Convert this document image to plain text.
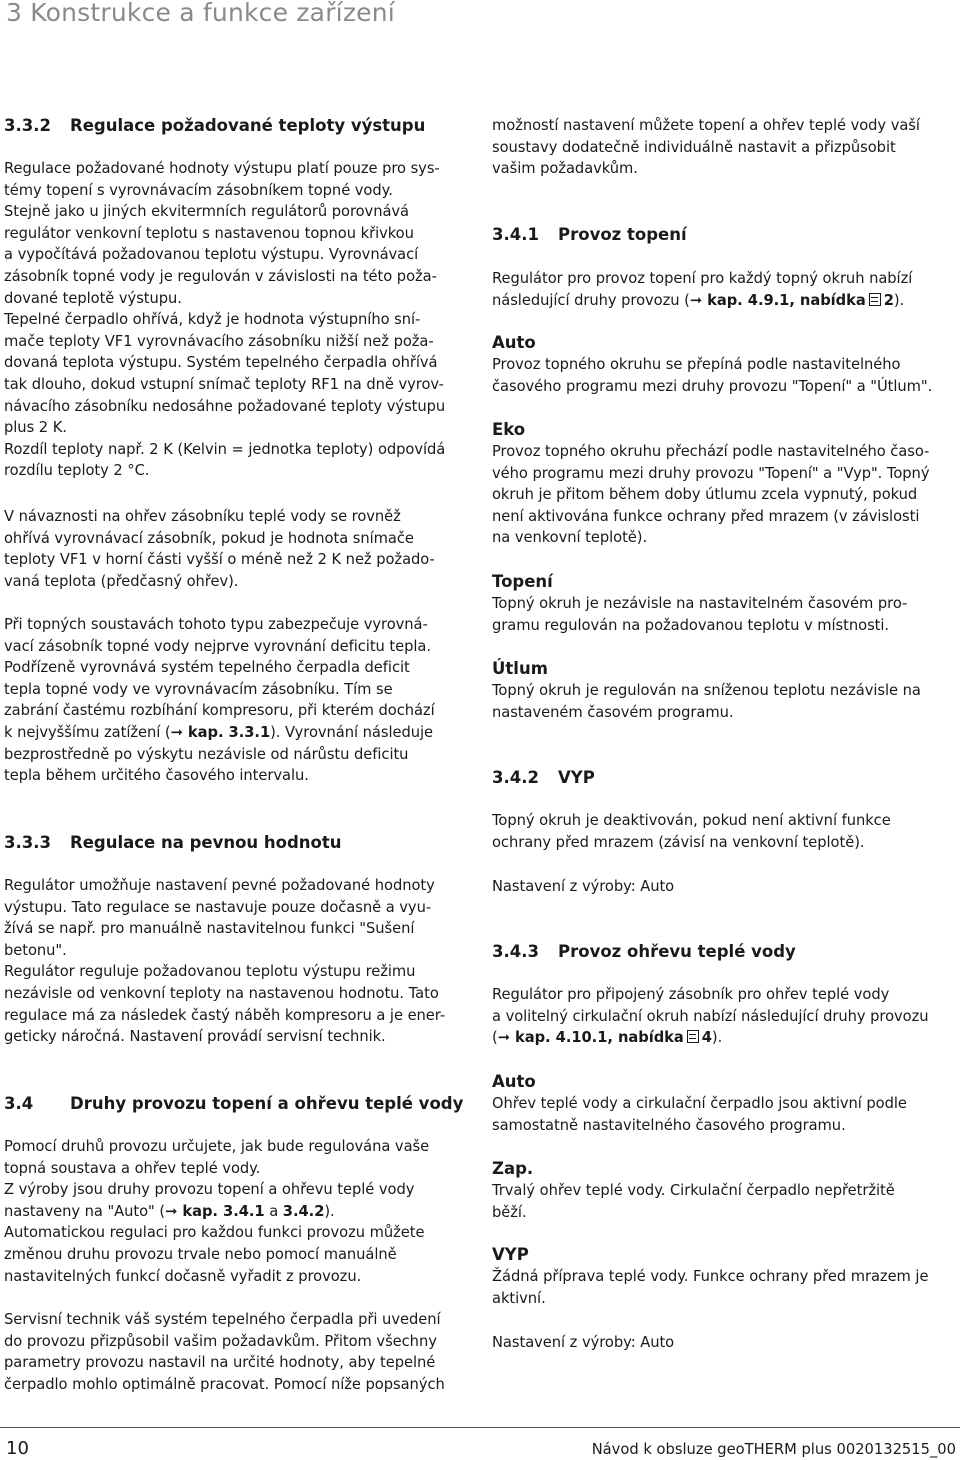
3 Konstrukce a funkce zařízení

3.3.2 Regulace požadované teploty výstupu

Regulace požadované hodnoty výstupu platí pouze pro sys-
témy topení s vyrovnávacím zásobníkem topné vody.
Stejně jako u jiných ekvitermních regulátorů porovnává
regulátor venkovní teplotu s nastavenou topnou křivkou
a vypočítává požadovanou teplotu výstupu. Vyrovnávací
zásobník topné vody je regulován v závislosti na této poža-
dované teplotě výstupu.
Tepelné čerpadlo ohřívá, když je hodnota výstupního sní-
mače teploty VF1 vyrovnávacího zásobníku nižší než poža-
dovaná teplota výstupu. Systém tepelného čerpadla ohřívá
tak dlouho, dokud vstupní snímač teploty RF1 na dně vyrov-
návacího zásobníku nedosáhne požadované teploty výstupu
plus 2 K.
Rozdíl teploty např. 2 K (Kelvin = jednotka teploty) odpovídá
rozdílu teploty 2 °C.

V návaznosti na ohřev zásobníku teplé vody se rovněž
ohřívá vyrovnávací zásobník, pokud je hodnota snímače
teploty VF1 v horní části vyšší o méně než 2 K než požado-
vaná teplota (předčasný ohřev).

Při topných soustavách tohoto typu zabezpečuje vyrovná-
vací zásobník topné vody nejprve vyrovnání deficitu tepla.
Podřízeně vyrovnává systém tepelného čerpadla deficit
tepla topné vody ve vyrovnávacím zásobníku. Tím se
zabrání častému rozbíhání kompresoru, při kterém dochází
k nejvyššímu zatížení (➞ kap. 3.3.1). Vyrovnání následuje
bezprostředně po výskytu nezávisle od nárůstu deficitu
tepla během určitého časového intervalu.

3.3.3 Regulace na pevnou hodnotu

Regulátor umožňuje nastavení pevné požadované hodnoty
výstupu. Tato regulace se nastavuje pouze dočasně a vyu-
žívá se např. pro manuálně nastavitelnou funkci "Sušení
betonu".
Regulátor reguluje požadovanou teplotu výstupu režimu
nezávisle od venkovní teploty na nastavenou hodnotu. Tato
regulace má za následek častý náběh kompresoru a je ener-
geticky náročná. Nastavení provádí servisní technik.

3.4 Druhy provozu topení a ohřevu teplé vody

Pomocí druhů provozu určujete, jak bude regulována vaše
topná soustava a ohřev teplé vody.
Z výroby jsou druhy provozu topení a ohřevu teplé vody
nastaveny na "Auto" (➞ kap. 3.4.1 a 3.4.2).
Automatickou regulaci pro každou funkci provozu můžete
změnou druhu provozu trvale nebo pomocí manuálně
nastavitelných funkcí dočasně vyřadit z provozu.

Servisní technik váš systém tepelného čerpadla při uvedení
do provozu přizpůsobil vašim požadavkům. Přitom všechny
parametry provozu nastavil na určité hodnoty, aby tepelné
čerpadlo mohlo optimálně pracovat. Pomocí níže popsaných

možností nastavení můžete topení a ohřev teplé vody vaší
soustavy dodatečně individuálně nastavit a přizpůsobit
vašim požadavkům.

3.4.1 Provoz topení

Regulátor pro provoz topení pro každý topný okruh nabízí
následující druhy provozu (➞ kap. 4.9.1, nabídka 2).

Auto

Provoz topného okruhu se přepíná podle nastavitelného
časového programu mezi druhy provozu "Topení" a "Útlum".

Eko

Provoz topného okruhu přechází podle nastavitelného časo-
vého programu mezi druhy provozu "Topení" a "Vyp". Topný
okruh je přitom během doby útlumu zcela vypnutý, pokud
není aktivována funkce ochrany před mrazem (v závislosti
na venkovní teplotě).

Topení

Topný okruh je nezávisle na nastavitelném časovém pro-
gramu regulován na požadovanou teplotu v místnosti.

Útlum

Topný okruh je regulován na sníženou teplotu nezávisle na
nastaveném časovém programu.

3.4.2 VYP

Topný okruh je deaktivován, pokud není aktivní funkce
ochrany před mrazem (závisí na venkovní teplotě).

Nastavení z výroby: Auto

3.4.3 Provoz ohřevu teplé vody

Regulátor pro připojený zásobník pro ohřev teplé vody
a volitelný cirkulační okruh nabízí následující druhy provozu
(➞ kap. 4.10.1, nabídka 4).

Auto

Ohřev teplé vody a cirkulační čerpadlo jsou aktivní podle
samostatně nastavitelného časového programu.

Zap.

Trvalý ohřev teplé vody. Cirkulační čerpadlo nepřetržitě
běží.

VYP

Žádná příprava teplé vody. Funkce ochrany před mrazem je
aktivní.

Nastavení z výroby: Auto

10	Návod k obsluze geoTHERM plus 0020132515_00
